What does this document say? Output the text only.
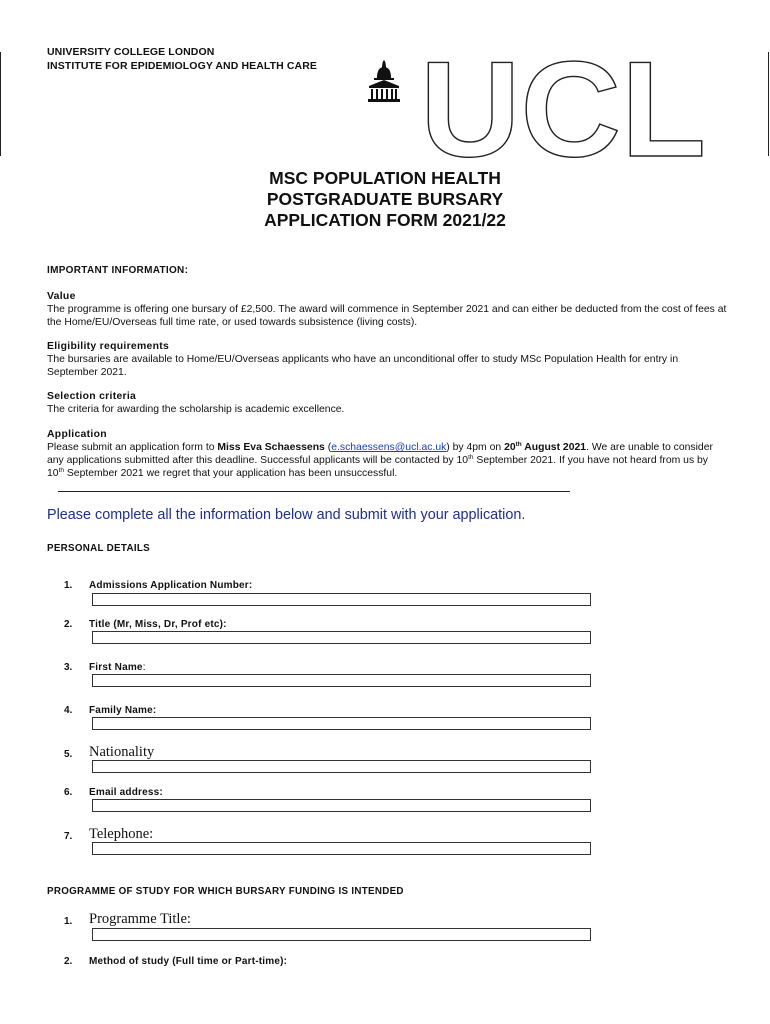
UNIVERSITY COLLEGE LONDON
INSTITUTE FOR EPIDEMIOLOGY AND HEALTH CARE UCL
MSC POPULATION HEALTH
POSTGRADUATE BURSARY
APPLICATION FORM 2021/22
IMPORTANT INFORMATION:
Value

The programme is offering one bursary of £2,500. The award will commence in September 2021 and can either be deducted from the cost of fees at the Home/EU/Overseas full time rate, or used towards subsistence (living costs).

Eligibility requirements

The bursaries are available to Home/EU/Overseas applicants who have an unconditional offer to study MSc Population Health for entry in September 2021.

Selection criteria

The criteria for awarding the scholarship is academic excellence.

Application

Please submit an application form to Miss Eva Schaessens (e.schaessens@ucl.ac.uk) by 4pm on 20th August 2021. We are unable to consider any applications submitted after this deadline. Successful applicants will be contacted by 10th September 2021. If you have not heard from us by 10th September 2021 we regret that your application has been unsuccessful.

Please complete all the information below and submit with your application.
PERSONAL DETAILS
1. Admissions Application Number:
2. Title (Mr, Miss, Dr, Prof etc):
3. First Name:
4. Family Name:
5. Nationality
6. Email address:
7. Telephone:
PROGRAMME OF STUDY FOR WHICH BURSARY FUNDING IS INTENDED
1. Programme Title:
2. Method of study (Full time or Part-time):
